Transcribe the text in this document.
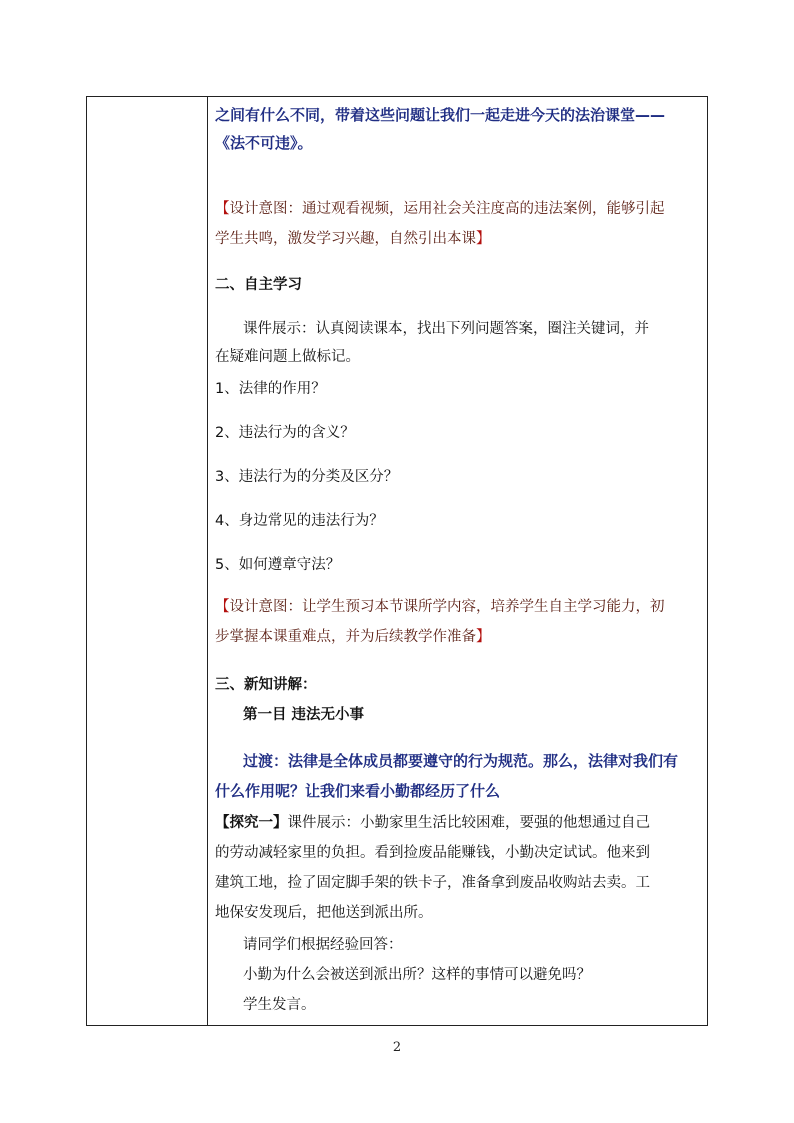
之间有什么不同，带着这些问题让我们一起走进今天的法治课堂——
《法不可违》。
【设计意图：通过观看视频，运用社会关注度高的违法案例，能够引起
学生共鸣，激发学习兴趣，自然引出本课】
二、自主学习
课件展示：认真阅读课本，找出下列问题答案，圈注关键词，并
在疑难问题上做标记。
1、法律的作用？
2、违法行为的含义？
3、违法行为的分类及区分？
4、身边常见的违法行为？
5、如何遵章守法？
【设计意图：让学生预习本节课所学内容，培养学生自主学习能力，初
步掌握本课重难点，并为后续教学作准备】
三、新知讲解：
第一目 违法无小事
过渡：法律是全体成员都要遵守的行为规范。那么，法律对我们有
什么作用呢？让我们来看小勤都经历了什么
【探究一】课件展示：小勤家里生活比较困难，要强的他想通过自己
的劳动减轻家里的负担。看到捡废品能赚钱，小勤决定试试。他来到
建筑工地，捡了固定脚手架的铁卡子，准备拿到废品收购站去卖。工
地保安发现后，把他送到派出所。
请同学们根据经验回答：
小勤为什么会被送到派出所？这样的事情可以避免吗？
学生发言。
2
